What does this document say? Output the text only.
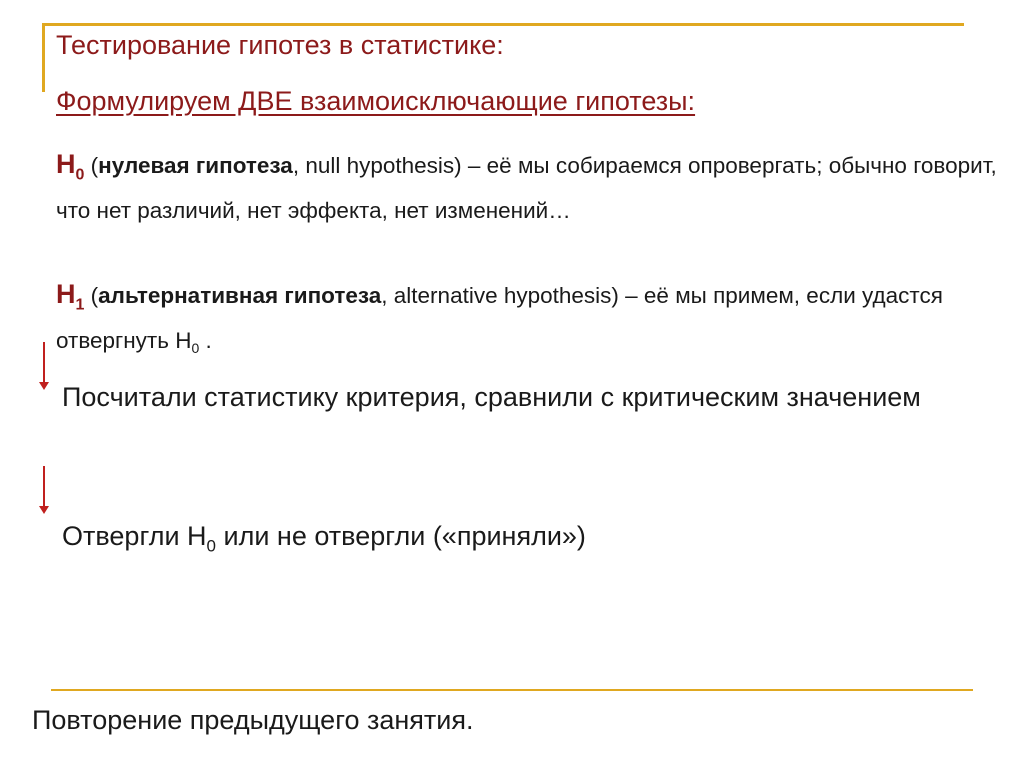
Тестирование гипотез в статистике:
Формулируем ДВЕ взаимоисключающие гипотезы:

$H_0$ (нулевая гипотеза, null hypothesis) – её мы собираемся опровергать; обычно говорит, что нет различий, нет эффекта, нет изменений…

$H_1$ (альтернативная гипотеза, alternative hypothesis) – её мы примем, если удастся отвергнуть $H_0$ .

Посчитали статистику критерия, сравнили с критическим значением

Отвергли $H_0$ или не отвергли («приняли»)

Повторение предыдущего занятия.
